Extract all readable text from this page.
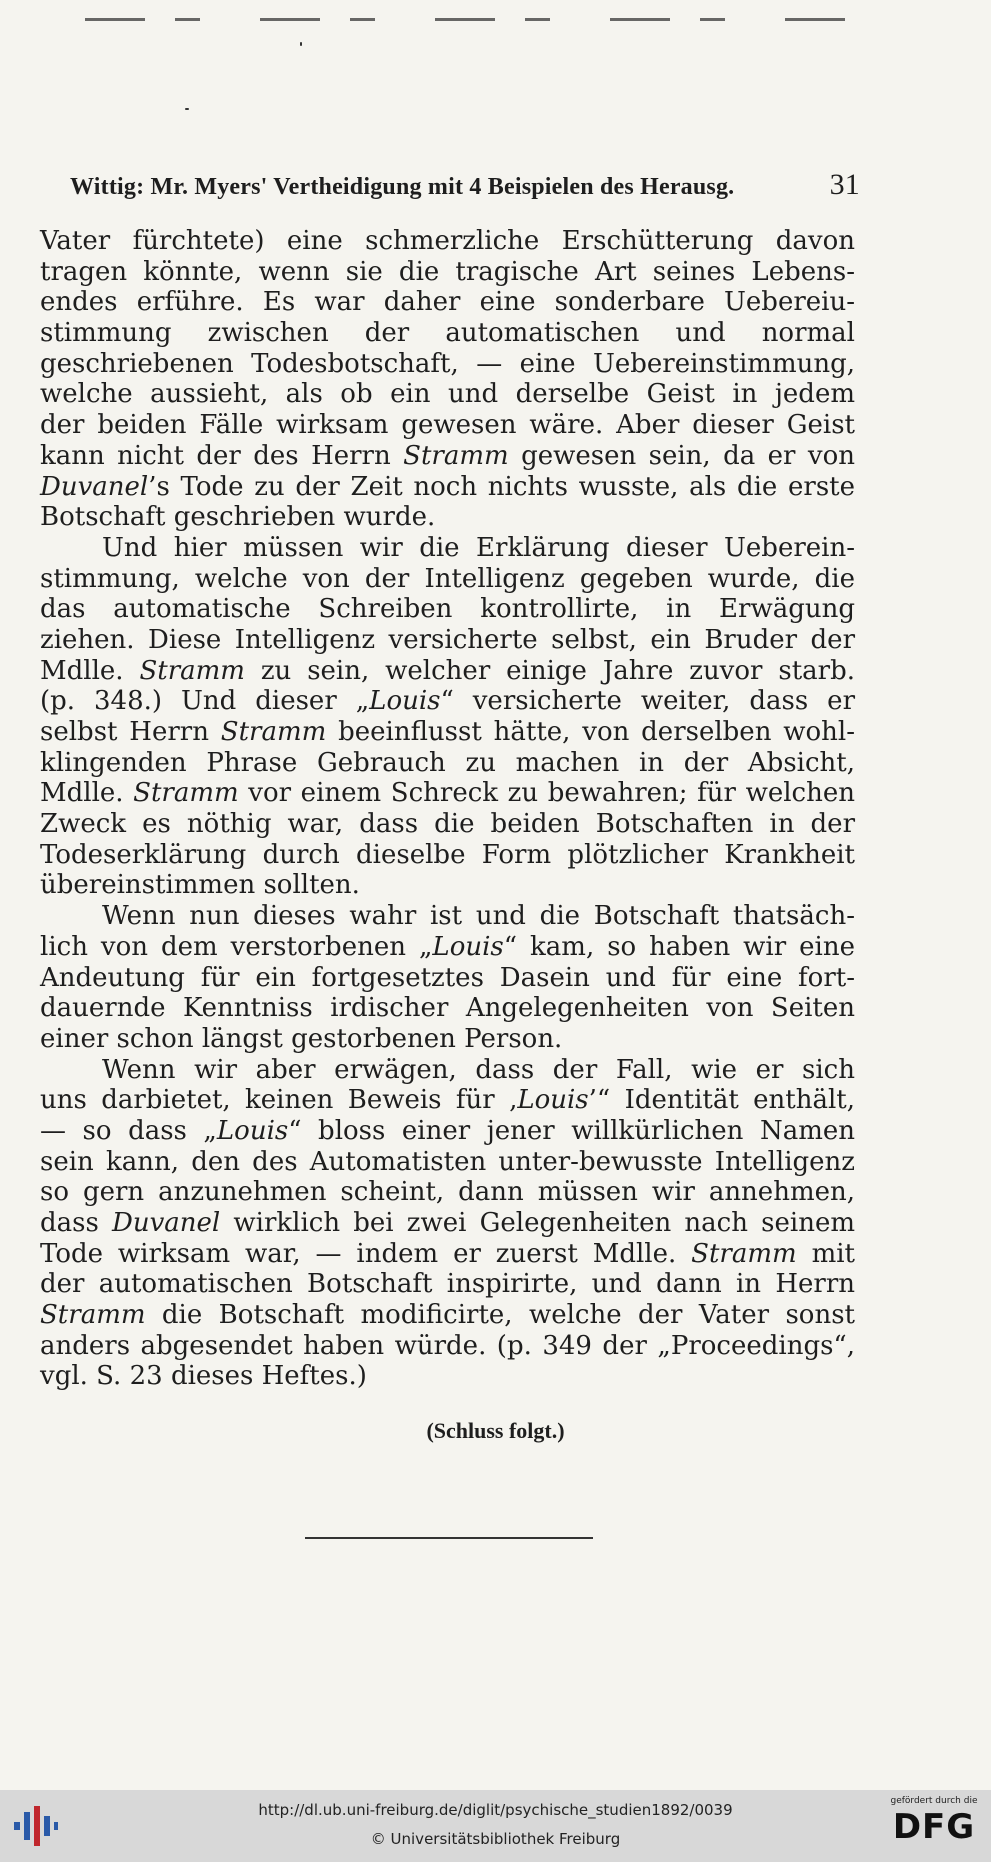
Wittig: Mr. Myers' Vertheidigung mit 4 Beispielen des Herausg.	31
Vater fürchtete) eine schmerzliche Erschütterung davon
tragen könnte, wenn sie die tragische Art seines Lebens-
endes erführe. Es war daher eine sonderbare Uebereiu-
stimmung zwischen der automatischen und normal
geschriebenen Todesbotschaft, — eine Uebereinstimmung,
welche aussieht, als ob ein und derselbe Geist in jedem
der beiden Fälle wirksam gewesen wäre. Aber dieser Geist
kann nicht der des Herrn Stramm gewesen sein, da er von
Duvanel’s Tode zu der Zeit noch nichts wusste, als die erste
Botschaft geschrieben wurde.
Und hier müssen wir die Erklärung dieser Ueberein-
stimmung, welche von der Intelligenz gegeben wurde, die
das automatische Schreiben kontrollirte, in Erwägung
ziehen. Diese Intelligenz versicherte selbst, ein Bruder der
Mdlle. Stramm zu sein, welcher einige Jahre zuvor starb.
(p. 348.) Und dieser „Louis“ versicherte weiter, dass er
selbst Herrn Stramm beeinflusst hätte, von derselben wohl-
klingenden Phrase Gebrauch zu machen in der Absicht,
Mdlle. Stramm vor einem Schreck zu bewahren; für welchen
Zweck es nöthig war, dass die beiden Botschaften in der
Todeserklärung durch dieselbe Form plötzlicher Krankheit
übereinstimmen sollten.
Wenn nun dieses wahr ist und die Botschaft thatsäch-
lich von dem verstorbenen „Louis“ kam, so haben wir eine
Andeutung für ein fortgesetztes Dasein und für eine fort-
dauernde Kenntniss irdischer Angelegenheiten von Seiten
einer schon längst gestorbenen Person.
Wenn wir aber erwägen, dass der Fall, wie er sich
uns darbietet, keinen Beweis für ‚Louis’“ Identität enthält,
— so dass „Louis“ bloss einer jener willkürlichen Namen
sein kann, den des Automatisten unter-bewusste Intelligenz
so gern anzunehmen scheint, dann müssen wir annehmen,
dass Duvanel wirklich bei zwei Gelegenheiten nach seinem
Tode wirksam war, — indem er zuerst Mdlle. Stramm mit
der automatischen Botschaft inspirirte, und dann in Herrn
Stramm die Botschaft modificirte, welche der Vater sonst
anders abgesendet haben würde. (p. 349 der „Proceedings“,
vgl. S. 23 dieses Heftes.)
(Schluss folgt.)
http://dl.ub.uni-freiburg.de/diglit/psychische_studien1892/0039
© Universitätsbibliothek Freiburg
gefördert durch die
DFG
